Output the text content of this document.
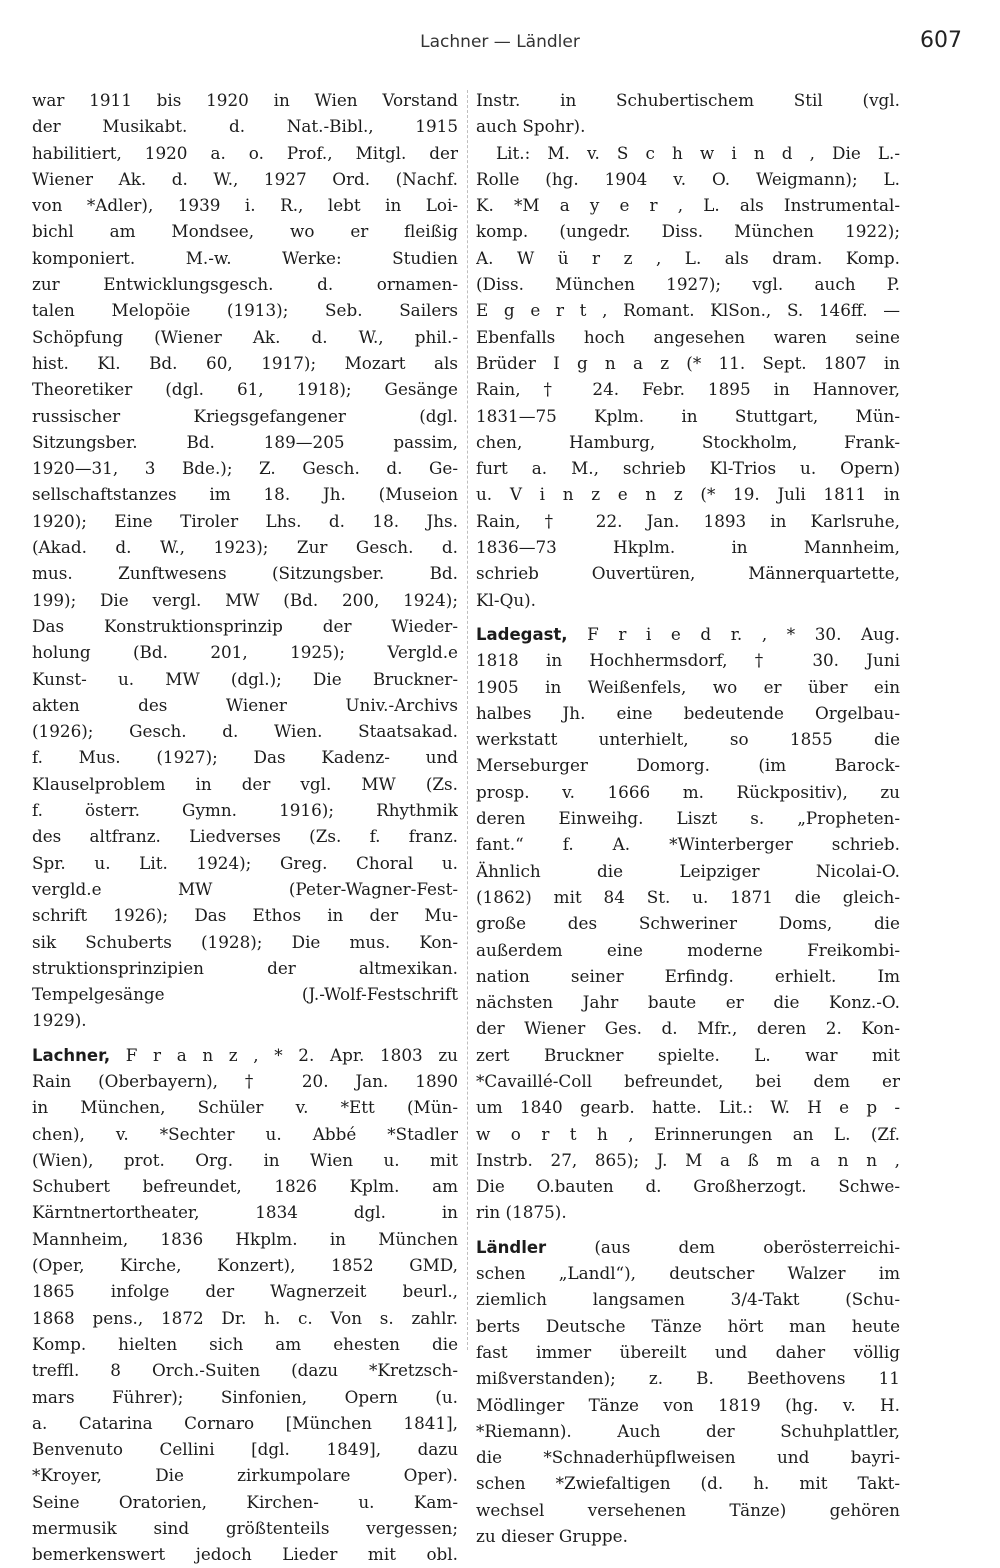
Lachner — Ländler	607
war 1911 bis 1920 in Wien Vorstand
der Musikabt. d. Nat.-Bibl., 1915
habilitiert, 1920 a. o. Prof., Mitgl. der
Wiener Ak. d. W., 1927 Ord. (Nachf.
von *Adler), 1939 i. R., lebt in Loi-
bichl am Mondsee, wo er fleißig
komponiert. M.-w. Werke: Studien
zur Entwicklungsgesch. d. ornamen-
talen Melopöie (1913); Seb. Sailers
Schöpfung (Wiener Ak. d. W., phil.-
hist. Kl. Bd. 60, 1917); Mozart als
Theoretiker (dgl. 61, 1918); Gesänge
russischer Kriegsgefangener (dgl.
Sitzungsber. Bd. 189—205 passim,
1920—31, 3 Bde.); Z. Gesch. d. Ge-
sellschaftstanzes im 18. Jh. (Museion
1920); Eine Tiroler Lhs. d. 18. Jhs.
(Akad. d. W., 1923); Zur Gesch. d.
mus. Zunftwesens (Sitzungsber. Bd.
199); Die vergl. MW (Bd. 200, 1924);
Das Konstruktionsprinzip der Wieder-
holung (Bd. 201, 1925); Vergld.e
Kunst- u. MW (dgl.); Die Bruckner-
akten des Wiener Univ.-Archivs
(1926); Gesch. d. Wien. Staatsakad.
f. Mus. (1927); Das Kadenz- und
Klauselproblem in der vgl. MW (Zs.
f. österr. Gymn. 1916); Rhythmik
des altfranz. Liedverses (Zs. f. franz.
Spr. u. Lit. 1924); Greg. Choral u.
vergld.e MW (Peter-Wagner-Fest-
schrift 1926); Das Ethos in der Mu-
sik Schuberts (1928); Die mus. Kon-
struktionsprinzipien der altmexikan.
Tempelgesänge (J.-Wolf-Festschrift
1929).
Lachner, F r a n z , * 2. Apr. 1803 zu
Rain (Oberbayern), † 20. Jan. 1890
in München, Schüler v. *Ett (Mün-
chen), v. *Sechter u. Abbé *Stadler
(Wien), prot. Org. in Wien u. mit
Schubert befreundet, 1826 Kplm. am
Kärntnertortheater, 1834 dgl. in
Mannheim, 1836 Hkplm. in München
(Oper, Kirche, Konzert), 1852 GMD,
1865 infolge der Wagnerzeit beurl.,
1868 pens., 1872 Dr. h. c. Von s. zahlr.
Komp. hielten sich am ehesten die
treffl. 8 Orch.-Suiten (dazu *Kretzsch-
mars Führer); Sinfonien, Opern (u.
a. Catarina Cornaro [München 1841],
Benvenuto Cellini [dgl. 1849], dazu
*Kroyer, Die zirkumpolare Oper).
Seine Oratorien, Kirchen- u. Kam-
mermusik sind größtenteils vergessen;
bemerkenswert jedoch Lieder mit obl.
Instr. in Schubertischem Stil (vgl.
auch Spohr).
Lit.: M. v. S c h w i n d , Die L.-
Rolle (hg. 1904 v. O. Weigmann); L.
K. *M a y e r , L. als Instrumental-
komp. (ungedr. Diss. München 1922);
A. W ü r z , L. als dram. Komp.
(Diss. München 1927); vgl. auch P.
E g e r t , Romant. KlSon., S. 146ff. —
Ebenfalls hoch angesehen waren seine
Brüder I g n a z (* 11. Sept. 1807 in
Rain, † 24. Febr. 1895 in Hannover,
1831—75 Kplm. in Stuttgart, Mün-
chen, Hamburg, Stockholm, Frank-
furt a. M., schrieb Kl-Trios u. Opern)
u. V i n z e n z (* 19. Juli 1811 in
Rain, † 22. Jan. 1893 in Karlsruhe,
1836—73 Hkplm. in Mannheim,
schrieb Ouvertüren, Männerquartette,
Kl-Qu).
Ladegast, F r i e d r. , * 30. Aug.
1818 in Hochhermsdorf, † 30. Juni
1905 in Weißenfels, wo er über ein
halbes Jh. eine bedeutende Orgelbau-
werkstatt unterhielt, so 1855 die
Merseburger Domorg. (im Barock-
prosp. v. 1666 m. Rückpositiv), zu
deren Einweihg. Liszt s. „Propheten-
fant.“ f. A. *Winterberger schrieb.
Ähnlich die Leipziger Nicolai-O.
(1862) mit 84 St. u. 1871 die gleich-
große des Schweriner Doms, die
außerdem eine moderne Freikombi-
nation seiner Erfindg. erhielt. Im
nächsten Jahr baute er die Konz.-O.
der Wiener Ges. d. Mfr., deren 2. Kon-
zert Bruckner spielte. L. war mit
*Cavaillé-Coll befreundet, bei dem er
um 1840 gearb. hatte. Lit.: W. H e p -
w o r t h , Erinnerungen an L. (Zf.
Instrb. 27, 865); J. M a ß m a n n ,
Die O.bauten d. Großherzogt. Schwe-
rin (1875).
Ländler (aus dem oberösterreichi-
schen „Landl“), deutscher Walzer im
ziemlich langsamen 3/4-Takt (Schu-
berts Deutsche Tänze hört man heute
fast immer übereilt und daher völlig
mißverstanden); z. B. Beethovens 11
Mödlinger Tänze von 1819 (hg. v. H.
*Riemann). Auch der Schuhplattler,
die *Schnaderhüpflweisen und bayri-
schen *Zwiefaltigen (d. h. mit Takt-
wechsel versehenen Tänze) gehören
zu dieser Gruppe.
